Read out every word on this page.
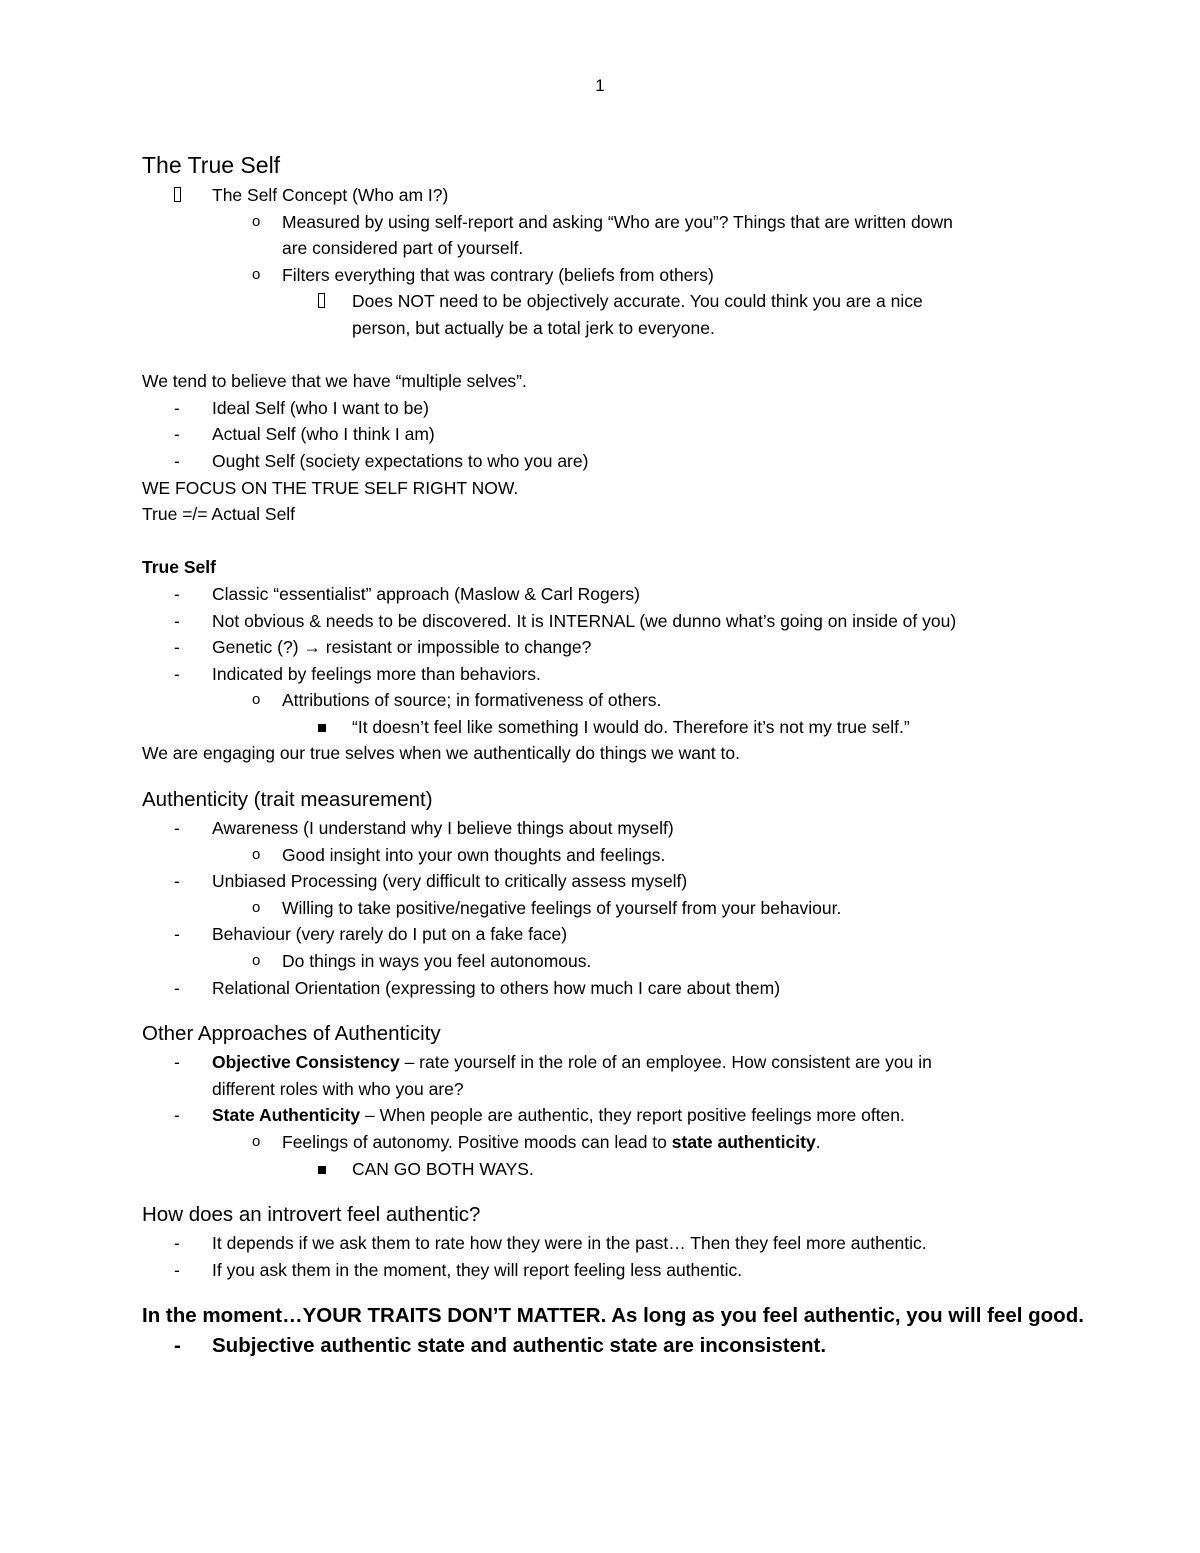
1
The True Self
The Self Concept (Who am I?)
o Measured by using self-report and asking “Who are you”? Things that are written down
are considered part of yourself.
o Filters everything that was contrary (beliefs from others)
Does NOT need to be objectively accurate. You could think you are a nice
person, but actually be a total jerk to everyone.
We tend to believe that we have “multiple selves”.
- Ideal Self (who I want to be)
- Actual Self (who I think I am)
- Ought Self (society expectations to who you are)
WE FOCUS ON THE TRUE SELF RIGHT NOW.
True =/= Actual Self
True Self
- Classic “essentialist” approach (Maslow & Carl Rogers)
- Not obvious & needs to be discovered. It is INTERNAL (we dunno what’s going on inside of you)
- Genetic (?) → resistant or impossible to change?
- Indicated by feelings more than behaviors.
o Attributions of source; in formativeness of others.
“It doesn’t feel like something I would do. Therefore it’s not my true self.”
We are engaging our true selves when we authentically do things we want to.
Authenticity (trait measurement)
- Awareness (I understand why I believe things about myself)
o Good insight into your own thoughts and feelings.
- Unbiased Processing (very difficult to critically assess myself)
o Willing to take positive/negative feelings of yourself from your behaviour.
- Behaviour (very rarely do I put on a fake face)
o Do things in ways you feel autonomous.
- Relational Orientation (expressing to others how much I care about them)
Other Approaches of Authenticity
- Objective Consistency – rate yourself in the role of an employee. How consistent are you in
different roles with who you are?
- State Authenticity – When people are authentic, they report positive feelings more often.
o Feelings of autonomy. Positive moods can lead to state authenticity.
CAN GO BOTH WAYS.
How does an introvert feel authentic?
- It depends if we ask them to rate how they were in the past… Then they feel more authentic.
- If you ask them in the moment, they will report feeling less authentic.
In the moment…YOUR TRAITS DON’T MATTER. As long as you feel authentic, you will feel good.
- Subjective authentic state and authentic state are inconsistent.
